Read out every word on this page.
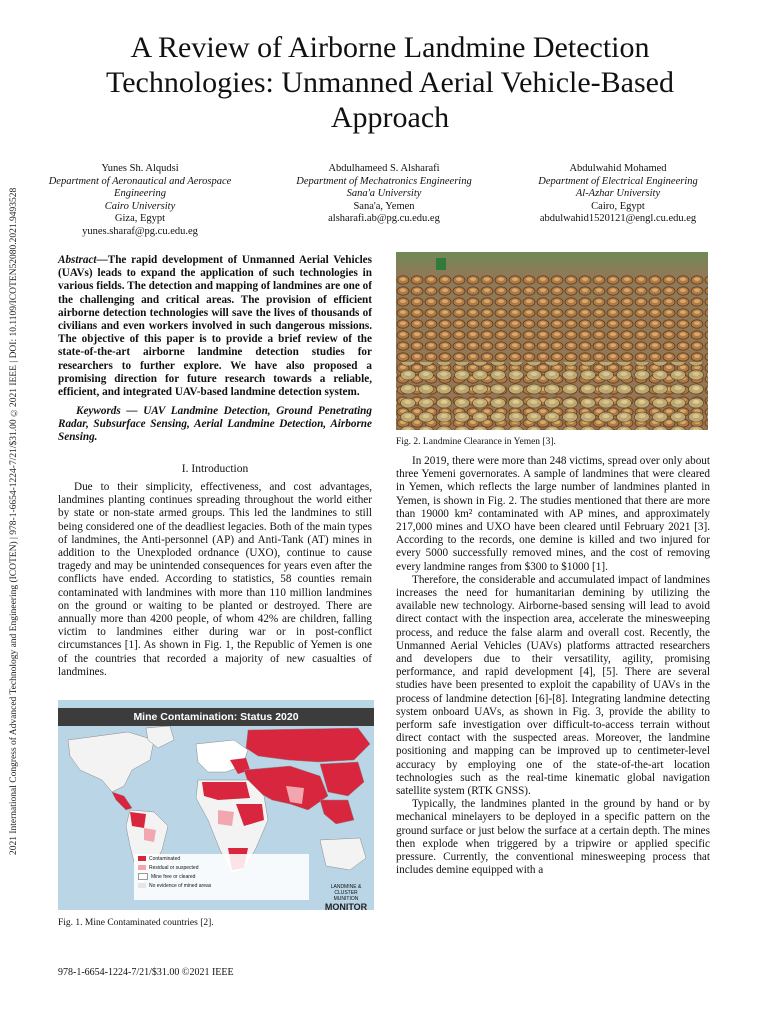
2021 International Congress of Advanced Technology and Engineering (ICOTEN) | 978-1-6654-1224-7/21/$31.00 ©2021 IEEE | DOI: 10.1109/ICOTEN52080.2021.9493528
A Review of Airborne Landmine Detection Technologies: Unmanned Aerial Vehicle-Based Approach
Yunes Sh. Alqudsi
Department of Aeronautical and Aerospace Engineering
Cairo University
Giza, Egypt
yunes.sharaf@pg.cu.edu.eg
Abdulhameed S. Alsharafi
Department of Mechatronics Engineering
Sana'a University
Sana'a, Yemen
alsharafi.ab@pg.cu.edu.eg
Abdulwahid Mohamed
Department of Electrical Engineering
Al-Azhar University
Cairo, Egypt
abdulwahid1520121@engl.cu.edu.eg

Abstract—The rapid development of Unmanned Aerial Vehicles (UAVs) leads to expand the application of such technologies in various fields. The detection and mapping of landmines are one of the challenging and critical areas. The provision of efficient airborne detection technologies will save the lives of thousands of civilians and even workers involved in such dangerous missions. The objective of this paper is to provide a brief review of the state-of-the-art airborne landmine detection studies for researchers to further explore. We have also proposed a promising direction for future research towards a reliable, efficient, and integrated UAV-based landmine detection system.

Keywords — UAV Landmine Detection, Ground Penetrating Radar, Subsurface Sensing, Aerial Landmine Detection, Airborne Sensing.

I. Introduction

Due to their simplicity, effectiveness, and cost advantages, landmines planting continues spreading throughout the world either by state or non-state armed groups. This led the landmines to still being considered one of the deadliest legacies. Both of the main types of landmines, the Anti-personnel (AP) and Anti-Tank (AT) mines in addition to the Unexploded ordnance (UXO), continue to cause tragedy and may be unintended consequences for years even after the conflicts have ended. According to statistics, 58 counties remain contaminated with landmines with more than 110 million landmines on the ground or waiting to be planted or destroyed. There are annually more than 4200 people, of whom 42% are children, falling victim to landmines either during war or in post-conflict circumstances [1]. As shown in Fig. 1, the Republic of Yemen is one of the countries that recorded a majority of new casualties of landmines.

Mine Contamination: Status 2020
Contaminated
Residual or suspected
Mine free or cleared
No evidence of mined areas	LANDMINE & CLUSTER MUNITION
MONITOR
Fig. 1. Mine Contaminated countries [2].
Fig. 2. Landmine Clearance in Yemen [3].

In 2019, there were more than 248 victims, spread over only about three Yemeni governorates. A sample of landmines that were cleared in Yemen, which reflects the large number of landmines planted in Yemen, is shown in Fig. 2. The studies mentioned that there are more than 19000 km² contaminated with AP mines, and approximately 217,000 mines and UXO have been cleared until February 2021 [3]. According to the records, one demine is killed and two injured for every 5000 successfully removed mines, and the cost of removing every landmine ranges from $300 to $1000 [1].

Therefore, the considerable and accumulated impact of landmines increases the need for humanitarian demining by utilizing the available new technology. Airborne-based sensing will lead to avoid direct contact with the inspection area, accelerate the minesweeping process, and reduce the false alarm and overall cost. Recently, the Unmanned Aerial Vehicles (UAVs) platforms attracted researchers and developers due to their versatility, agility, promising performance, and rapid development [4], [5]. There are several studies have been presented to exploit the capability of UAVs in the process of landmine detection [6]-[8]. Integrating landmine detecting system onboard UAVs, as shown in Fig. 3, provide the ability to perform safe investigation over difficult-to-access terrain without direct contact with the suspected areas. Moreover, the landmine positioning and mapping can be improved up to centimeter-level accuracy by employing one of the state-of-the-art location technologies such as the real-time kinematic global navigation satellite system (RTK GNSS).

Typically, the landmines planted in the ground by hand or by mechanical minelayers to be deployed in a specific pattern on the ground surface or just below the surface at a certain depth. The mines then explode when triggered by a tripwire or applied specific pressure. Currently, the conventional minesweeping process that includes demine equipped with a

978-1-6654-1224-7/21/$31.00 ©2021 IEEE
